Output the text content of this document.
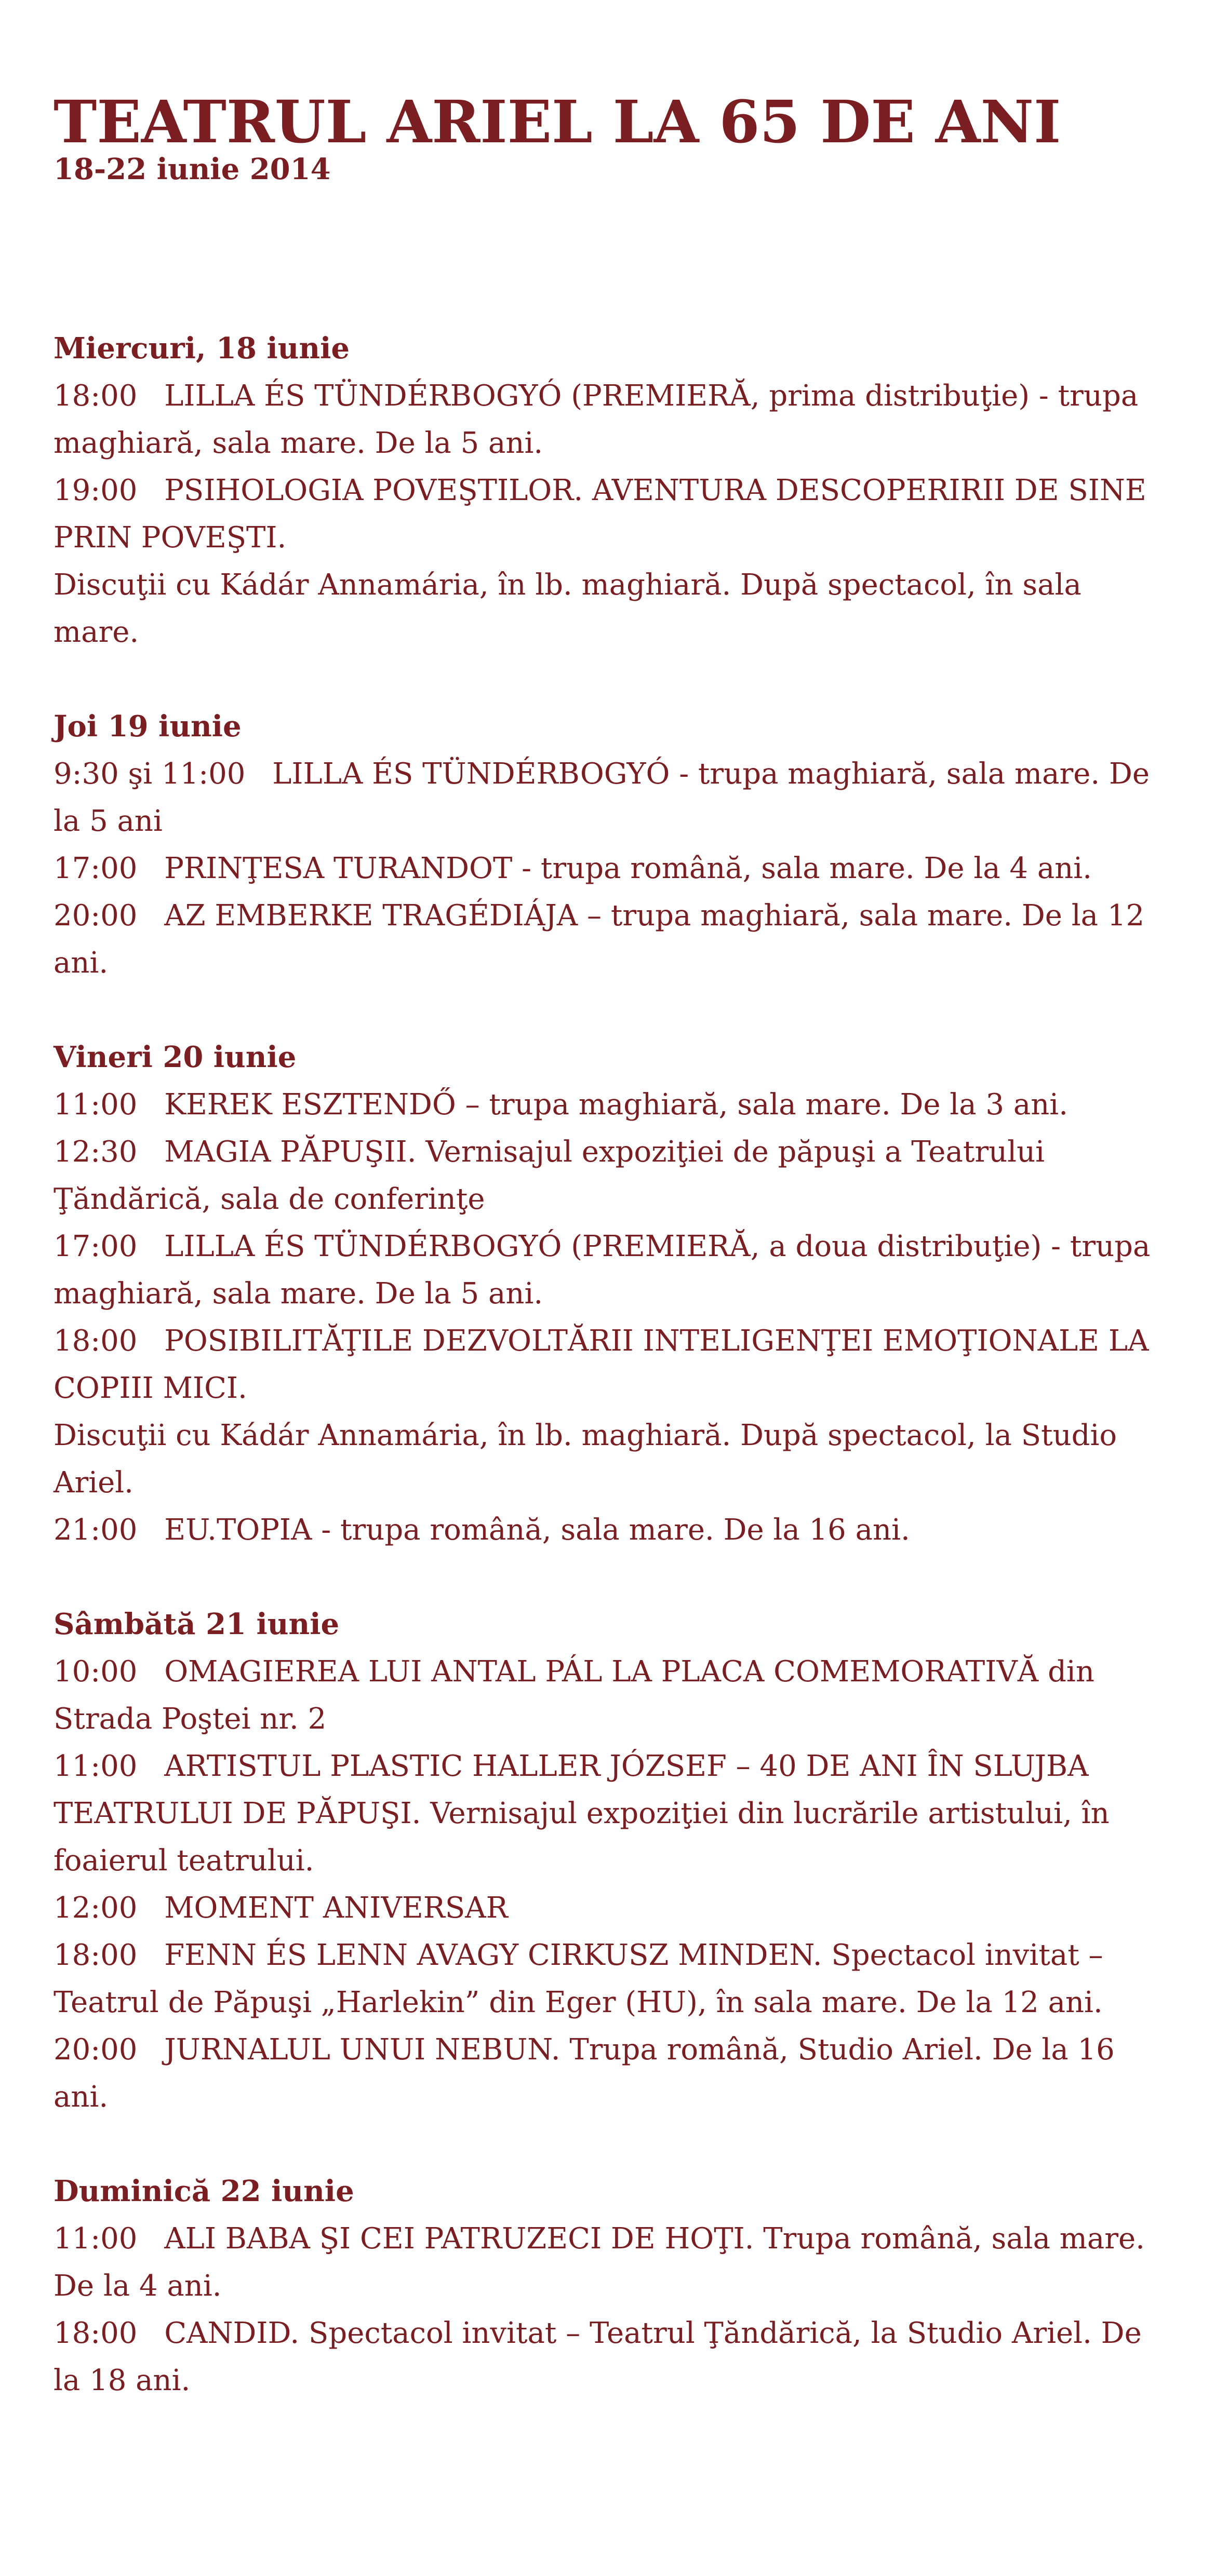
TEATRUL ARIEL LA 65 DE ANI
18-22 iunie 2014
Miercuri, 18 iunie

18:00 LILLA ÉS TÜNDÉRBOGYÓ (PREMIERĂ, prima distribuţie) - trupa maghiară, sala mare. De la 5 ani.

19:00 PSIHOLOGIA POVEŞTILOR. AVENTURA DESCOPERIRII DE SINE PRIN POVEŞTI.

Discuţii cu Kádár Annamária, în lb. maghiară. După spectacol, în sala mare.

Joi 19 iunie

9:30 şi 11:00 LILLA ÉS TÜNDÉRBOGYÓ - trupa maghiară, sala mare. De la 5 ani

17:00 PRINŢESA TURANDOT - trupa română, sala mare. De la 4 ani.

20:00 AZ EMBERKE TRAGÉDIÁJA – trupa maghiară, sala mare. De la 12 ani.

Vineri 20 iunie

11:00 KEREK ESZTENDŐ – trupa maghiară, sala mare. De la 3 ani.

12:30 MAGIA PĂPUŞII. Vernisajul expoziţiei de păpuşi a Teatrului Ţăndărică, sala de conferinţe

17:00 LILLA ÉS TÜNDÉRBOGYÓ (PREMIERĂ, a doua distribuţie) - trupa maghiară, sala mare. De la 5 ani.

18:00 POSIBILITĂŢILE DEZVOLTĂRII INTELIGENŢEI EMOŢIONALE LA COPIII MICI.

Discuţii cu Kádár Annamária, în lb. maghiară. După spectacol, la Studio Ariel.

21:00 EU.TOPIA - trupa română, sala mare. De la 16 ani.

Sâmbătă 21 iunie

10:00 OMAGIEREA LUI ANTAL PÁL LA PLACA COMEMORATIVĂ din Strada Poştei nr. 2

11:00 ARTISTUL PLASTIC HALLER JÓZSEF – 40 DE ANI ÎN SLUJBA TEATRULUI DE PĂPUŞI. Vernisajul expoziţiei din lucrările artistului, în foaierul teatrului.

12:00 MOMENT ANIVERSAR

18:00 FENN ÉS LENN AVAGY CIRKUSZ MINDEN. Spectacol invitat – Teatrul de Păpuşi „Harlekin” din Eger (HU), în sala mare. De la 12 ani.

20:00 JURNALUL UNUI NEBUN. Trupa română, Studio Ariel. De la 16 ani.

Duminică 22 iunie

11:00 ALI BABA ŞI CEI PATRUZECI DE HOŢI. Trupa română, sala mare. De la 4 ani.

18:00 CANDID. Spectacol invitat – Teatrul Ţăndărică, la Studio Ariel. De la 18 ani.
